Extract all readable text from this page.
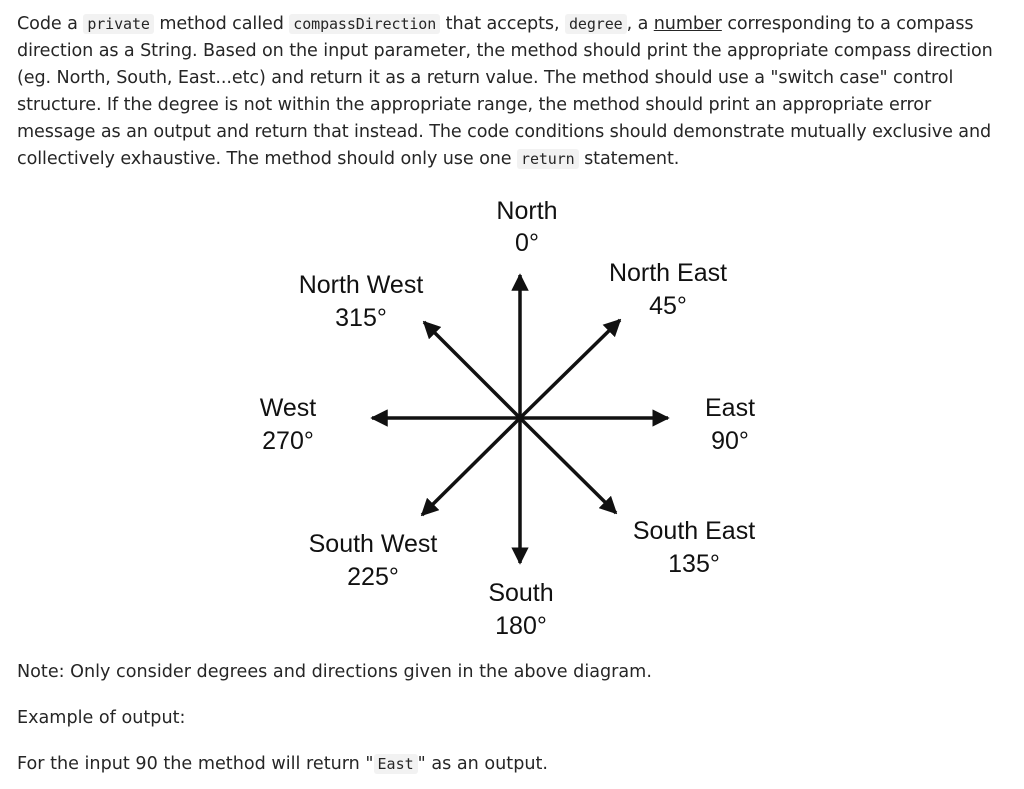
Code a private method called compassDirection that accepts, degree , a number corresponding to a compass direction as a String. Based on the input parameter, the method should print the appropriate compass direction (eg. North, South, East...etc) and return it as a return value. The method should use a "switch case" control structure. If the degree is not within the appropriate range, the method should print an appropriate error message as an output and return that instead. The code conditions should demonstrate mutually exclusive and collectively exhaustive. The method should only use one return statement.

North
0°
North East
45°
East
90°
South East
135°
South
180°
South West
225°
West
270°
North West
315°

Note: Only consider degrees and directions given in the above diagram.

Example of output:

For the input 90 the method will return " East " as an output.
